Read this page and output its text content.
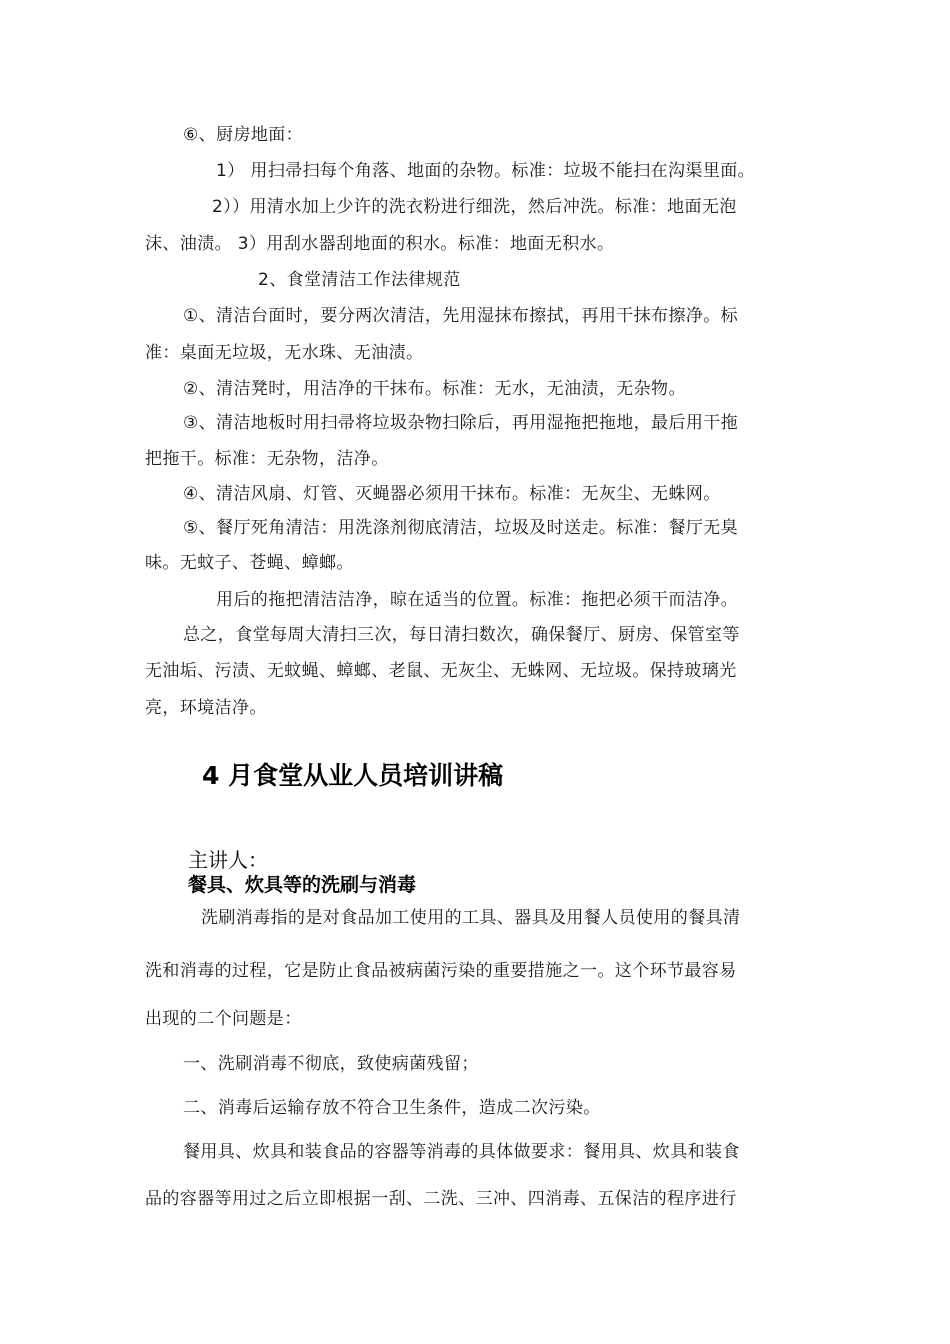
⑥、厨房地面：
1） 用扫帚扫每个角落、地面的杂物。标准：垃圾不能扫在沟渠里面。
2））用清水加上少许的洗衣粉进行细洗，然后冲洗。标准：地面无泡
沫、油渍。 3）用刮水器刮地面的积水。标准：地面无积水。
2、食堂清洁工作法律规范
①、清洁台面时，要分两次清洁，先用湿抹布擦拭，再用干抹布擦净。标
准：桌面无垃圾，无水珠、无油渍。
②、清洁凳时，用洁净的干抹布。标准：无水，无油渍，无杂物。
③、清洁地板时用扫帚将垃圾杂物扫除后，再用湿拖把拖地，最后用干拖
把拖干。标准：无杂物，洁净。
④、清洁风扇、灯管、灭蝇器必须用干抹布。标准：无灰尘、无蛛网。
⑤、餐厅死角清洁：用洗涤剂彻底清洁，垃圾及时送走。标准：餐厅无臭
味。无蚊子、苍蝇、蟑螂。
用后的拖把清洁洁净，晾在适当的位置。标准：拖把必须干而洁净。
总之，食堂每周大清扫三次，每日清扫数次，确保餐厅、厨房、保管室等
无油垢、污渍、无蚊蝇、蟑螂、老鼠、无灰尘、无蛛网、无垃圾。保持玻璃光
亮，环境洁净。
4 月食堂从业人员培训讲稿
主讲人：
餐具、炊具等的洗刷与消毒
洗刷消毒指的是对食品加工使用的工具、器具及用餐人员使用的餐具清
洗和消毒的过程，它是防止食品被病菌污染的重要措施之一。这个环节最容易
出现的二个问题是：
一、洗刷消毒不彻底，致使病菌残留；
二、消毒后运输存放不符合卫生条件，造成二次污染。
餐用具、炊具和装食品的容器等消毒的具体做要求：餐用具、炊具和装食
品的容器等用过之后立即根据一刮、二洗、三冲、四消毒、五保洁的程序进行
